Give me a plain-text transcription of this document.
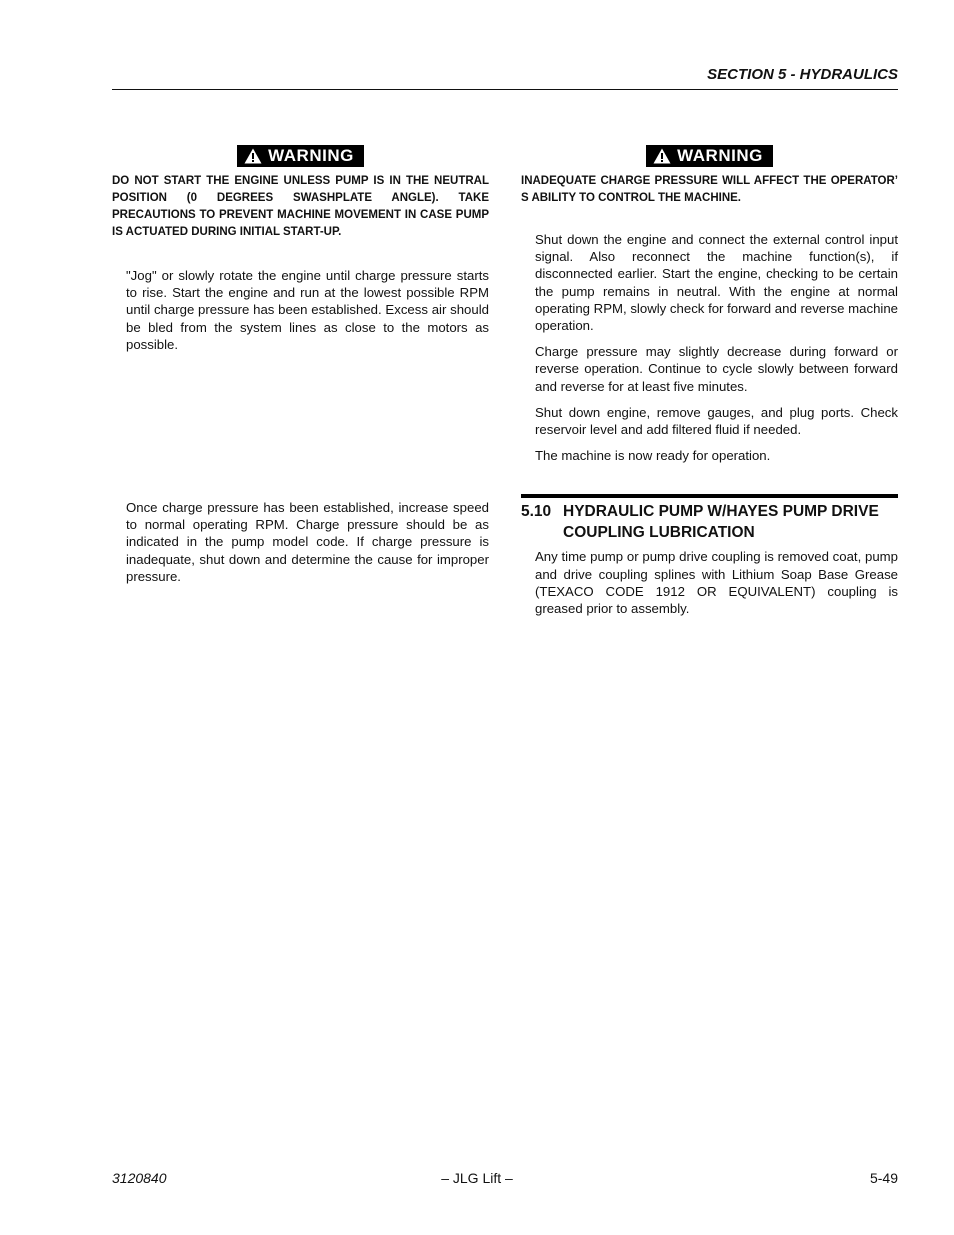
SECTION 5 - HYDRAULICS
WARNING

DO NOT START THE ENGINE UNLESS PUMP IS IN THE NEUTRAL POSITION (0 DEGREES SWASHPLATE ANGLE). TAKE PRECAUTIONS TO PREVENT MACHINE MOVEMENT IN CASE PUMP IS ACTUATED DURING INITIAL START-UP.

"Jog" or slowly rotate the engine until charge pressure starts to rise. Start the engine and run at the lowest possible RPM until charge pressure has been established. Excess air should be bled from the system lines as close to the motors as possible.

Once charge pressure has been established, increase speed to normal operating RPM. Charge pressure should be as indicated in the pump model code. If charge pressure is inadequate, shut down and determine the cause for improper pressure.

WARNING

INADEQUATE CHARGE PRESSURE WILL AFFECT THE OPERATOR’ S ABILITY TO CONTROL THE MACHINE.

Shut down the engine and connect the external control input signal. Also reconnect the machine function(s), if disconnected earlier. Start the engine, checking to be certain the pump remains in neutral. With the engine at normal operating RPM, slowly check for forward and reverse machine operation.

Charge pressure may slightly decrease during forward or reverse operation. Continue to cycle slowly between forward and reverse for at least five minutes.

Shut down engine, remove gauges, and plug ports. Check reservoir level and add filtered fluid if needed.

The machine is now ready for operation.

5.10 HYDRAULIC PUMP W/HAYES PUMP DRIVE COUPLING LUBRICATION

Any time pump or pump drive coupling is removed coat, pump and drive coupling splines with Lithium Soap Base Grease (TEXACO CODE 1912 OR EQUIVALENT) coupling is greased prior to assembly.

3120840	– JLG Lift –	5-49
